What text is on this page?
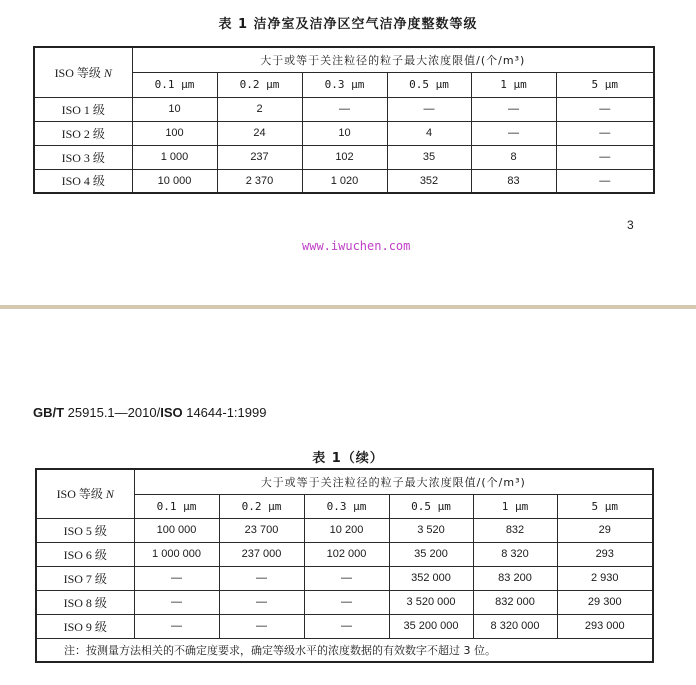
表 1 洁净室及洁净区空气洁净度整数等级
ISO 等级 N	大于或等于关注粒径的粒子最大浓度限值/(个/m³)					
	0.1 μm	0.2 μm	0.3 μm	0.5 μm	1 μm	5 μm
ISO 1 级	10	2	—	—	—	—
ISO 2 级	100	24	10	4	—	—
ISO 3 级	1 000	237	102	35	8	—
ISO 4 级	10 000	2 370	1 020	352	83	—
3
www.iwuchen.com
GB/T 25915.1—2010/ISO 14644-1:1999
表 1（续）
ISO 等级 N	大于或等于关注粒径的粒子最大浓度限值/(个/m³)					
	0.1 μm	0.2 μm	0.3 μm	0.5 μm	1 μm	5 μm
ISO 5 级	100 000	23 700	10 200	3 520	832	29
ISO 6 级	1 000 000	237 000	102 000	35 200	8 320	293
ISO 7 级	—	—	—	352 000	83 200	2 930
ISO 8 级	—	—	—	3 520 000	832 000	29 300
ISO 9 级	—	—	—	35 200 000	8 320 000	293 000
注：按测量方法相关的不确定度要求，确定等级水平的浓度数据的有效数字不超过 3 位。						
